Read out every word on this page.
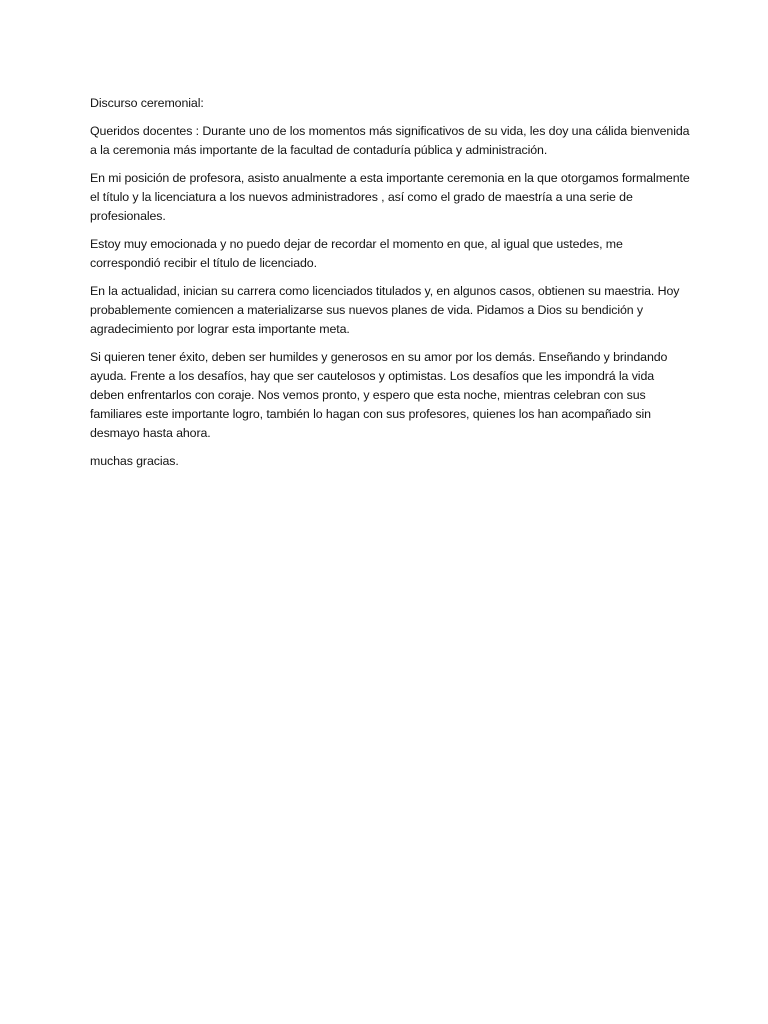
Discurso ceremonial:

Queridos docentes : Durante uno de los momentos más significativos de su vida, les doy una cálida bienvenida a la ceremonia más importante de la facultad de contaduría pública y administración.

En mi posición de profesora, asisto anualmente a esta importante ceremonia en la que otorgamos formalmente el título y la licenciatura a los nuevos administradores , así como el grado de maestría a una serie de profesionales.

Estoy muy emocionada y no puedo dejar de recordar el momento en que, al igual que ustedes, me correspondió recibir el título de licenciado.

En la actualidad, inician su carrera como licenciados titulados y, en algunos casos, obtienen su maestria. Hoy probablemente comiencen a materializarse sus nuevos planes de vida. Pidamos a Dios su bendición y agradecimiento por lograr esta importante meta.

Si quieren tener éxito, deben ser humildes y generosos en su amor por los demás. Enseñando y brindando ayuda. Frente a los desafíos, hay que ser cautelosos y optimistas. Los desafíos que les impondrá la vida deben enfrentarlos con coraje. Nos vemos pronto, y espero que esta noche, mientras celebran con sus familiares este importante logro, también lo hagan con sus profesores, quienes los han acompañado sin desmayo hasta ahora.

muchas gracias.
